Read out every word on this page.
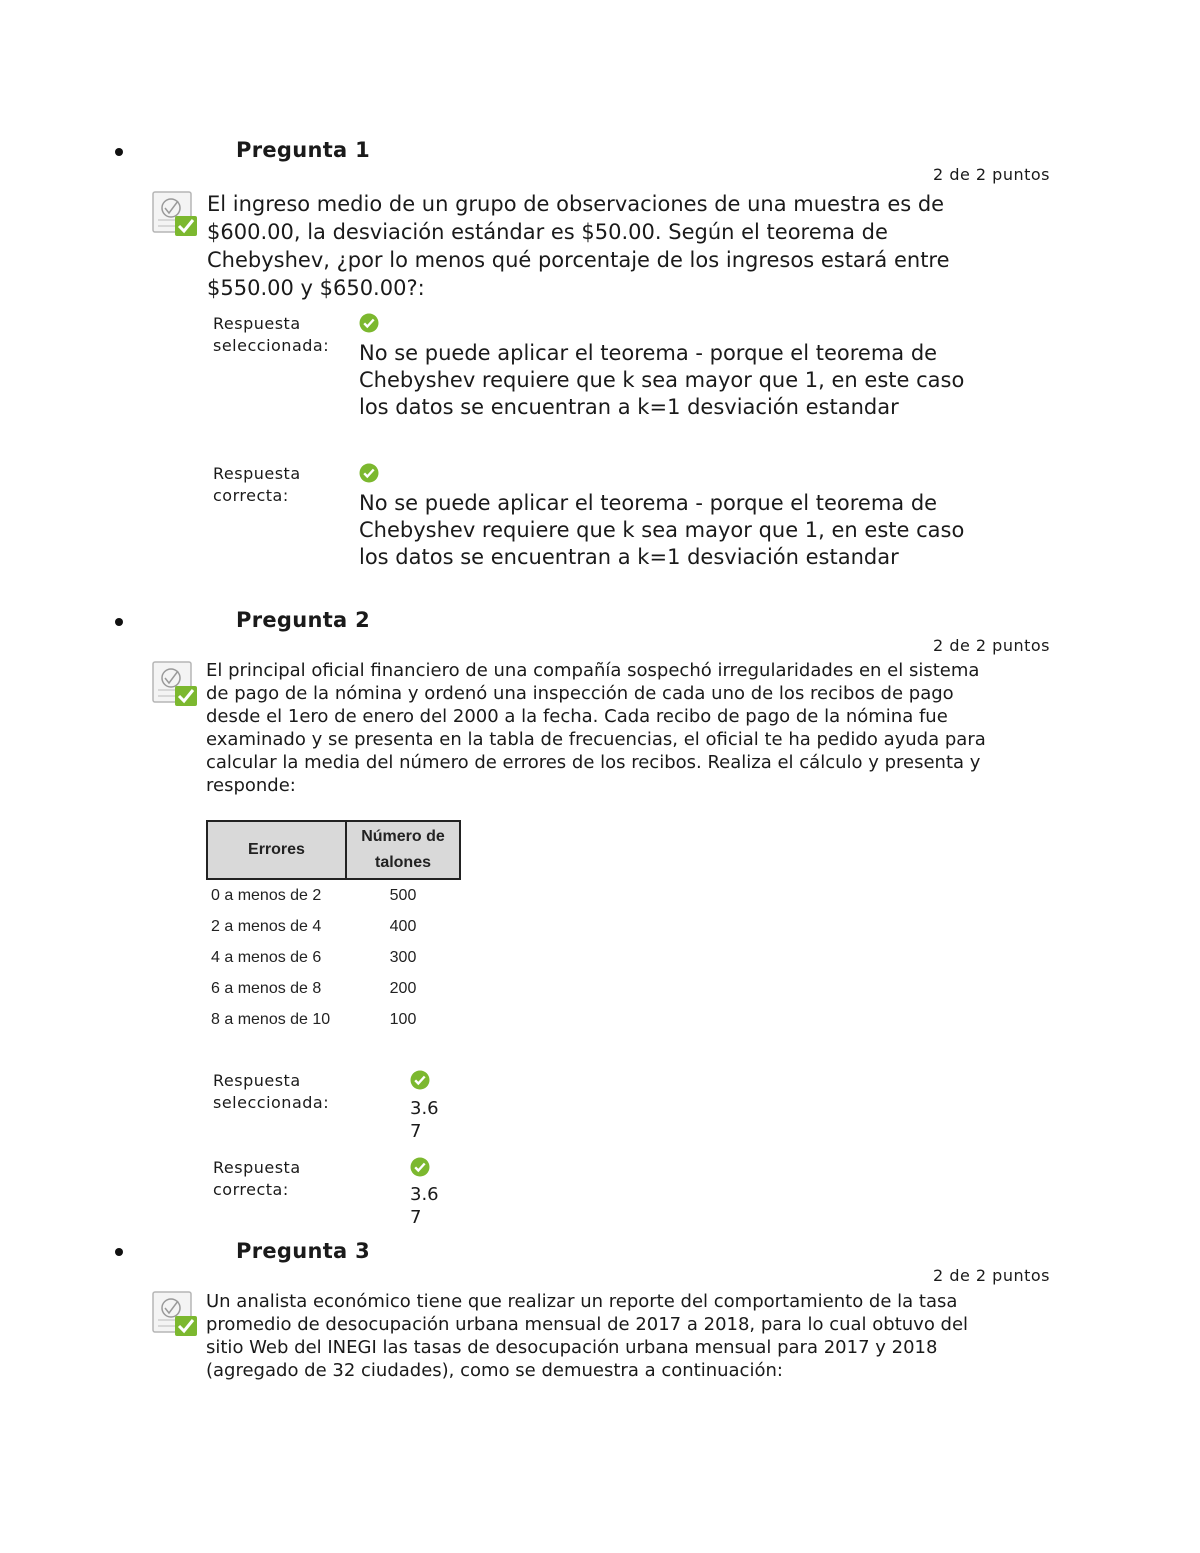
Pregunta 1
2 de 2 puntos
El ingreso medio de un grupo de observaciones de una muestra es de $600.00, la desviación estándar es $50.00. Según el teorema de Chebyshev, ¿por lo menos qué porcentaje de los ingresos estará entre $550.00 y $650.00?:
Respuesta seleccionada:	No se puede aplicar el teorema - porque el teorema de Chebyshev requiere que k sea mayor que 1, en este caso los datos se encuentran a k=1 desviación estandar
Respuesta correcta:	No se puede aplicar el teorema - porque el teorema de Chebyshev requiere que k sea mayor que 1, en este caso los datos se encuentran a k=1 desviación estandar
Pregunta 2
2 de 2 puntos
El principal oficial financiero de una compañía sospechó irregularidades en el sistema de pago de la nómina y ordenó una inspección de cada uno de los recibos de pago desde el 1ero de enero del 2000 a la fecha. Cada recibo de pago de la nómina fue examinado y se presenta en la tabla de frecuencias, el oficial te ha pedido ayuda para calcular la media del número de errores de los recibos. Realiza el cálculo y presenta y responde:
Errores	Número de talones
0 a menos de 2	500
2 a menos de 4	400
4 a menos de 6	300
6 a menos de 8	200
8 a menos de 10	100
Respuesta seleccionada:	3.67
Respuesta correcta:	3.67
Pregunta 3
2 de 2 puntos
Un analista económico tiene que realizar un reporte del comportamiento de la tasa promedio de desocupación urbana mensual de 2017 a 2018, para lo cual obtuvo del sitio Web del INEGI las tasas de desocupación urbana mensual para 2017 y 2018 (agregado de 32 ciudades), como se demuestra a continuación:
